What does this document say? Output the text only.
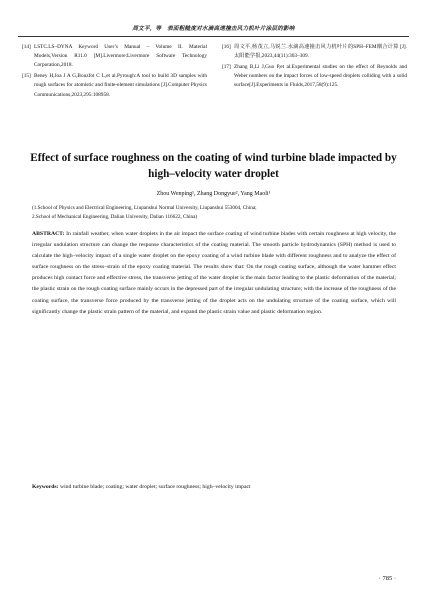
周文平，等　表面粗糙度对水滴高速撞击风力机叶片涂层的影响
[14] LSTC.LS–DYNA Keyword User’s Manual – Volume II. Material Models,Version R11.0 [M].Livermore:Livermore Software Technology Corporation,2018.
[15] Beney H,Joa J A G,Bouzfot C L,et al.Pyrough:A tool to build 3D samples with rough surfaces for atomistic and finite-element simulations [J].Computer Physics Communications,2023,295:108958.
[16] 周文平,杨茂立,马锐兰.水滴高速撞击风力机叶片的SPH–FEM耦合计算 [J].太阳能学报,2023,44(11):303–309.
[17] Zhang B,Li J,Guo P,et al.Experimental studies on the effect of Reynolds and Weber numbers on the impact forces of low-speed droplets colliding with a solid surface[J].Experiments in Fluids,2017,58(9):125.
Effect of surface roughness on the coating of wind turbine blade impacted by high–velocity water droplet
Zhou Wenping¹, Zhang Dongyue², Yang Maoli¹
(1.School of Physics and Electrical Engineering, Liupanshui Normal University, Liupanshui 553004, China;
2.School of Mechanical Engineering, Dalian University, Dalian 116622, China)
ABSTRACT: In rainfall weather, when water droplets in the air impact the surface coating of wind turbine blades with certain roughness at high velocity, the irregular undulation structure can change the response characteristics of the coating material. The smooth particle hydrodynamics (SPH) method is used to calculate the high–velocity impact of a single water droplet on the epoxy coating of a wind turbine blade with different roughness and to analyze the effect of surface roughness on the stress–strain of the epoxy coating material. The results show that: On the rough coating surface, although the water hammer effect produces high contact force and effective stress, the transverse jetting of the water droplet is the main factor leading to the plastic deformation of the material; the plastic strain on the rough coating surface mainly occurs in the depressed part of the irregular undulating structure; with the increase of the roughness of the coating surface, the transverse force produced by the transverse jetting of the droplet acts on the undulating structure of the coating surface, which will significantly change the plastic strain pattern of the material, and expand the plastic strain value and plastic deformation region.
Keywords: wind turbine blade; coating; water droplet; surface roughness; high–velocity impact
· 785 ·
